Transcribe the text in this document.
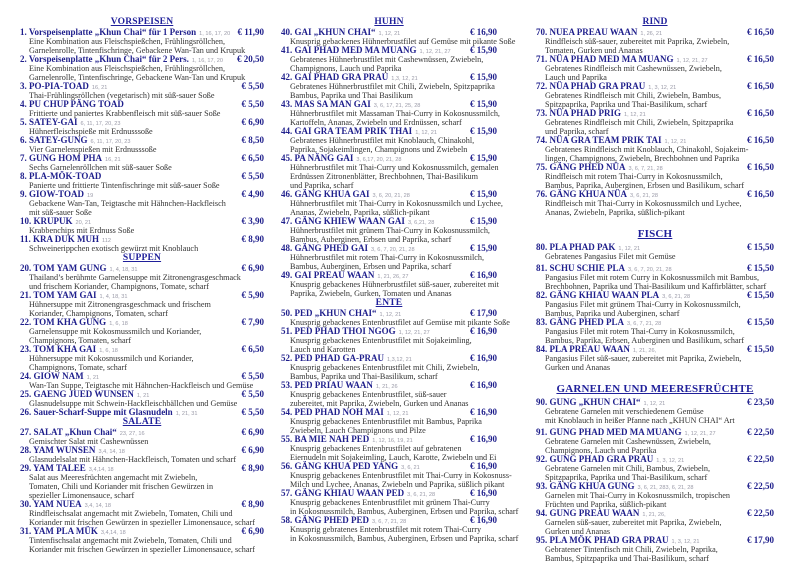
VORSPEISEN
1. Vorspeisenplatte „Khun Chai“ für 1 Person 1, 16, 17, 20 € 11,90
Eine Kombination aus Fleischspießchen, Frühlingsröllchen,
Garnelenrolle, Tintenfischringe, Gebackene Wan-Tan und Krupuk
2. Vorspeisenplatte „Khun Chai“ für 2 Pers. 1, 16, 17, 20	€ 20,50
Eine Kombination aus Fleischspießchen, Frühlingsröllchen,
Garnelenrolle, Tintenfischringe, Gebackene Wan-Tan und Krupuk
3. PO-PIA-TOAD 16, 21	€ 5,50
Thai-Frühlingsröllchen (vegetarisch) mit süß-sauer Soße
4. PU CHUP PÄNG TOAD	€ 5,50
Frittierte und paniertes Krabbenfleisch mit süß-sauer Soße
5. SATEY-GAI 6, 11, 17, 20, 23	€ 6,90
Hühnerfleischspieße mit Erdnusssoße
6. SATEY-GUNG 6, 11, 17, 20, 23	€ 8,50
Vier Garnelenspießen mit Erdnusssoße
7. GUNG HOM PHA 16, 21	€ 6,50
Sechs Garnelenröllchen mit süß-sauer Soße
8. PLA-MÖK-TOAD	€ 5,50
Panierte und frittierte Tintenfischringe mit süß-sauer Soße
9. GIOW-TOAD 19	€ 4,90
Gebackene Wan-Tan, Teigtasche mit Hähnchen-Hackfleisch
mit süß-sauer Soße
10. KRUPUK 20, 21	€ 3,90
Krabbenchips mit Erdnuss Soße
11. KRA DUK MUH 112	€ 8,90
Schweinerippchen exotisch gewürzt mit Knoblauch
SUPPEN
20. TOM YAM GUNG 1, 4, 18, 31	€ 6,90
Thailand’s berühmte Garnelensuppe mit Zitronengrasgeschmack
und frischem Koriander, Champignons, Tomate, scharf
21. TOM YAM GAI 1, 4, 18, 31	€ 5,90
Hühnersuppe mit Zitronengrasgeschmack und frischem
Koriander, Champignons, Tomaten, scharf
22. TOM KHA GUNG 1, 6, 18	€ 7,90
Garnelensuppe mit Kokosmussmilch und Koriander,
Champignons, Tomaten, scharf
23. TOM KHA GAI 1, 6, 18	€ 6,50
Hühnersuppe mit Kokosnussmilch und Koriander,
Champignons, Tomate, scharf
24. GIOW NAM 1, 21	€ 5,50
Wan-Tan Suppe, Teigtasche mit Hähnchen-Hackfleisch und Gemüse
25. GAENG JUED WUNSEN 1, 21	€ 5,50
Glasnudelsuppe mit Schwein-Hackfleischbällchen und Gemüse
26. Sauer-Scharf-Suppe mit Glasnudeln 1, 21, 31	€ 5,50
SALATE
27. SALAT „Khun Chai“ 23, 27, 16	€ 6,90
Gemischter Salat mit Cashewnüssen
28. YAM WUNSEN 3,4, 14, 18	€ 6,90
Glasnudelsalat mit Hähnchen-Hackfleisch, Tomaten und scharf
29. YAM TALEE 3,4,14, 18	€ 8,90
Salat aus Meeresfrüchten angemacht mit Zwiebeln,
Tomaten, Chili und Koriander mit frischen Gewürzen in
spezieller Limonensauce, scharf
30. YAM NUEA 3,4, 14, 18	€ 8,90
Rindfleischsalat angemacht mit Zwiebeln, Tomaten, Chili und
Koriander mit frischen Gewürzen in spezieller Limonensauce, scharf
31. YAM PLA MÜK 3,4,14, 18	€ 6,90
Tintenfischsalat angemacht mit Zwiebeln, Tomaten, Chili und
Koriander mit frischen Gewürzen in spezieller Limonensauce, scharf
HUHN
40. GAI „KHUN CHAI“ 1, 12, 21	€ 16,90
Knusprig gebackenes Hühnerbrustfilet auf Gemüse mit pikante Soße
41. GAI PHAD MED MA MUANG 1, 12, 21, 27	€ 15,90
Gebratenes Hühnerbrustfilet mit Cashewnüssen, Zwiebeln,
Champignons, Lauch und Paprika
42. GAI PHAD GRA PRAU 1,3, 12, 21	€ 15,90
Gebratenes Hühnerbrustfilet mit Chili, Zwiebeln, Spitzpaprika
Bambus, Paprika und Thai Basilikum
43. MAS SA MAN GAI 3, 6, 17, 21, 25, 28	€ 15,90
Hühnerbrustfilet mit Massaman Thai-Curry in Kokosnussmilch,
Kartoffeln, Ananas, Zwiebeln und Erdnüssen, scharf
44. GAI GRA TEAM PRIK THAI 1, 12, 21	€ 15,90
Gebratenes Hühnerbrustfilet mit Knoblauch, Chinakohl,
Paprika, Sojakeimlingen, Champignons und Zwiebeln
45. PA NÄNG GAI 3, 6,17, 20, 21, 28	€ 15,90
Hühnerbrustfilet mit Thai-Curry und Kokosnussmilch, gemalen
Erdnüssen Zitronenblätter, Brechbohnen, Thai-Basilikum
und Paprika, scharf
46. GÄNG KHUA GAI 3, 6, 20, 21, 28	€ 15,90
Hühnerbrustfilet mit Thai-Curry in Kokosnussmilch und Lychee,
Ananas, Zwiebeln, Paprika, süßlich-pikant
47. GÄNG KHIEW WAAN GAI 3, 6,21, 28	€ 15,90
Hühnerbrustfilet mit grünem Thai-Curry in Kokosnussmilch,
Bambus, Auberginen, Erbsen und Paprika, scharf
48. GÄNG PHED GAI 3, 6, 7, 20, 21, 28	€ 15,90
Hühnerbrustfilet mit rotem Thai-Curry in Kokosnussmilch,
Bambus, Auberginen, Erbsen und Paprika, scharf
49. GAI PREAU WAAN 1, 21, 26, 27	€ 16,90
Knusprig gebackenes Hühnerbrustfilet süß-sauer, zubereitet mit
Paprika, Zwiebeln, Gurken, Tomaten und Ananas
ENTE
50. PED „KHUN CHAI“ 1, 12, 21	€ 17,90
Knusprig gebackenes Entenbrustfilet auf Gemüse mit pikante Soße
51. PED PHAD THOI NGOG 1, 12, 21, 27	€ 16,90
Knusprig gebackenes Entenbrustfilet mit Sojakeimling,
Lauch und Karotten
52. PED PHAD GA-PRAU 1,3,12, 21	€ 16,90
Knusprig gebackenes Entenbrustfilet mit Chili, Zwiebeln,
Bambus, Paprika und Thai-Basilikum, scharf
53. PED PRIAU WAAN 1, 21, 26	€ 16,90
Knusprig gebackenes Entenbrustfilet, süß-sauer
zubereitet, mit Paprika, Zwiebeln, Gurken und Ananas
54. PED PHAD NOH MAI 1, 12, 21	€ 16,90
Knusprig gebackenes Entenbrustfilet mit Bambus, Paprika
Zwiebeln, Lauch Champignons und Pilze
55. BA MIE NAH PED 1, 12, 16, 19, 21	€ 16,90
Knusprig gebackenes Entenbrustfilet auf gebratenen
Eiernudeln mit Sojakeimling, Lauch, Karotte, Zwiebeln und Ei
56. GÄNG KHUA PED YANG 3, 6, 21	€ 16,90
Knusprig gebackenes Entenbrustfilet mit Thai-Curry in Kokosnuss-
Milch und Lychee, Ananas, Zwiebeln und Paprika, süßlich pikant
57. GÄNG KHIAU WAAN PED 3, 6, 21, 28	€ 16,90
Knusprig gebackenes Entenbrustfilet mit grünem Thai-Curry
in Kokosnussmilch, Bambus, Auberginen, Erbsen und Paprika, scharf
58. GÄNG PHED PED 3, 6, 7, 21, 28	€ 16,90
Knusprig gebratenes Entenbrustfilet mit rotem Thai-Curry
in Kokosnussmilch, Bambus, Auberginen, Erbsen und Paprika, scharf
RIND
70. NUEA PREAU WAAN 1, 26, 21	€ 16,50
Rindfleisch süß-sauer, zubereitet mit Paprika, Zwiebeln,
Tomaten, Gurken und Ananas
71. NÜA PHAD MED MA MUANG 1, 12, 21, 27	€ 16,50
Gebratenes Rindfleisch mit Cashewnüssen, Zwiebeln,
Lauch und Paprika
72. NÜA PHAD GRA PRAU 1, 3, 12, 21	€ 16,50
Gebratenes Rindfleisch mit Chili, Zwiebeln, Bambus,
Spitzpaprika, Paprika und Thai-Basilikum, scharf
73. NÜA PHAD PRIG 1, 12, 21	€ 16,50
Gebratenes Rindfleisch mit Chili, Zwiebeln, Spitzpaprika
und Paprika, scharf
74. NÜA GRA TEAM PRIK TAI 1, 12, 21	€ 16,50
Gebratenes Rindfleisch mit Knoblauch, Chinakohl, Sojakeim-
lingen, Champignons, Zwiebeln, Brechbohnen und Paprika
75. GÄNG PHED NÜA 3, 6, 7, 21, 28	€ 16,50
Rindfleisch mit rotem Thai-Curry in Kokosnussmilch,
Bambus, Paprika, Auberginen, Erbsen und Basilikum, scharf
76. GÄNG KHUA NÜA 3, 6, 21, 28	€ 16,50
Rindfleisch mit Thai-Curry in Kokosnussmilch und Lychee,
Ananas, Zwiebeln, Paprika, süßlich-pikant
FISCH
80. PLA PHAD PAK 1, 12, 21	€ 15,50
Gebratenes Pangasius Filet mit Gemüse
81. SCHU SCHIE PLA 3, 6, 7, 20, 21, 28	€ 15,50
Pangasius Filet mit rotem Curry in Kokosnussmilch mit Bambus,
Brechbohnen, Paprika und Thai-Basilikum und Kaffirblätter, scharf
82. GÄNG KHIAU WAAN PLA 3, 6, 21, 28	€ 15,50
Pangasius Filet mit grünem Thai-Curry in Kokosnussmilch,
Bambus, Paprika und Auberginen, scharf
83. GÄNG PHED PLA 3, 6, 7, 21, 28	€ 15,50
Pangasius Filet mit rotem Thai-Curry in Kokosnussmilch,
Bambus, Paprika, Erbsen, Auberginen und Basilikum, scharf
84. PLA PREAU WAAN 1, 21, 26,	€ 15,50
Pangasius Filet süß-sauer, zubereitet mit Paprika, Zwiebeln,
Gurken und Ananas
GARNELEN UND MEERESFRÜCHTE
90. GUNG „KHUN CHAI“ 1, 12, 21	€ 23,50
Gebratene Garnelen mit verschiedenem Gemüse
mit Knoblauch in heißer Pfanne nach „KHUN CHAI“ Art
91. GUNG PHAD MED MA MUANG 1, 12, 21, 27	€ 22,50
Gebratene Garnelen mit Cashewnüssen, Zwiebeln,
Champignons, Lauch und Paprika
92. GUNG PHAD GRA PRAU 1, 3, 12, 21	€ 22,50
Gebratene Garnelen mit Chili, Bambus, Zwiebeln,
Spitzpaprika, Paprika und Thai-Basilikum, scharf
93. GÄNG KHUA GUNG 3, 6, 21, 283, 6, 21, 28	€ 22,50
Garnelen mit Thai-Curry in Kokosnussmilch, tropischen
Früchten und Paprika, süßlich-pikant
94. GUNG PREAU WAAN 1, 21, 26,	€ 22,50
Garnelen süß-sauer, zubereitet mit Paprika, Zwiebeln,
Gurken und Ananas
95. PLA MÖK PHAD GRA PRAU 1, 3, 12, 21	€ 17,90
Gebratener Tintenfisch mit Chili, Zwiebeln, Paprika,
Bambus, Spitzpaprika und Thai-Basilikum, scharf
